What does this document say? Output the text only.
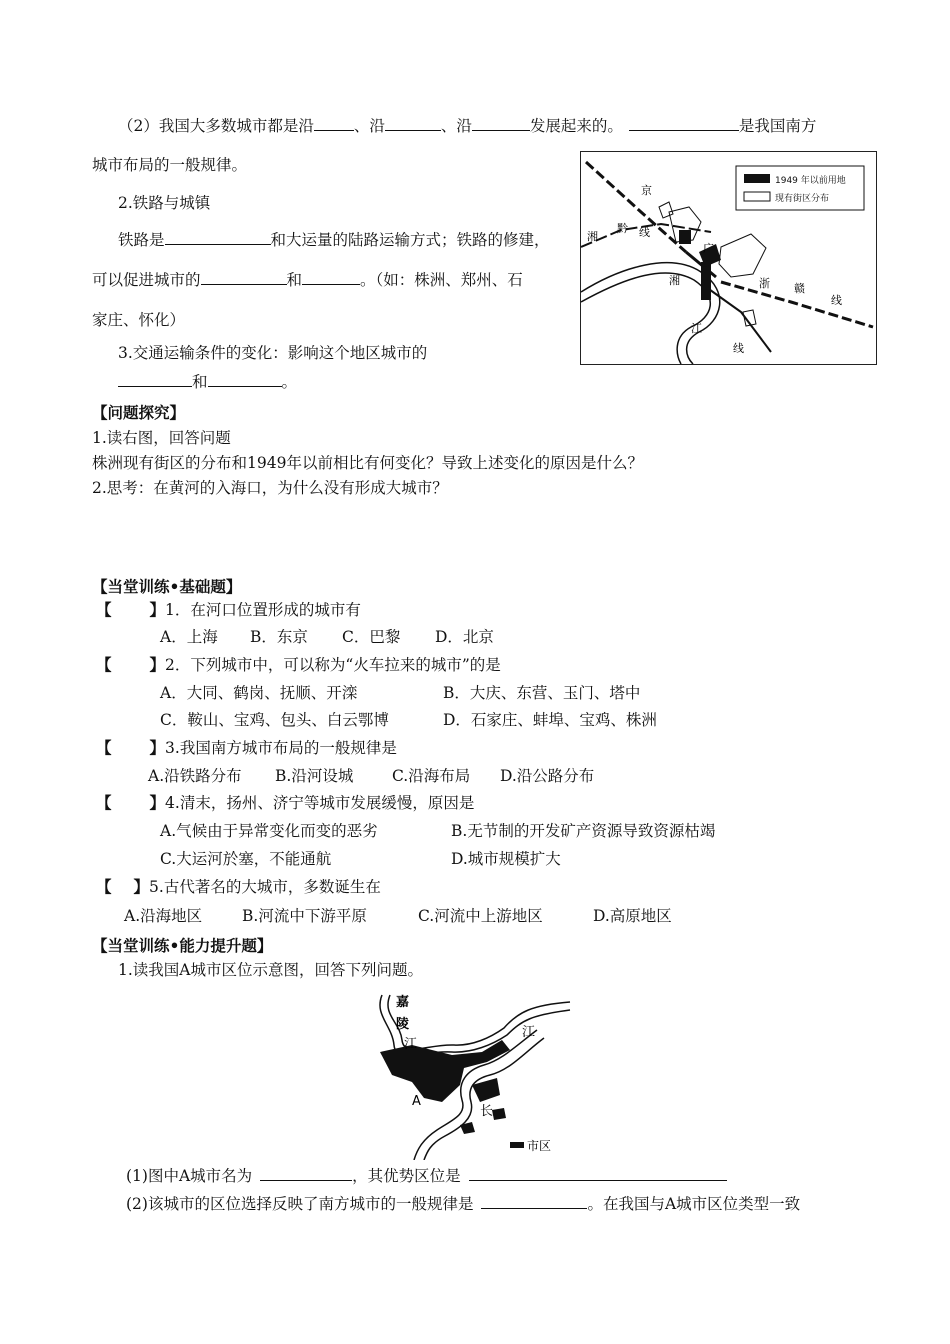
（2）我国大多数城市都是沿	、沿	、沿	发展起来的。	是我国南方
城市布局的一般规律。
2.铁路与城镇
铁路是	和大运量的陆路运输方式；铁路的修建，
可以促进城市的	和	。（如：株洲、郑州、石
家庄、怀化）
3.交通运输条件的变化：影响这个地区城市的
和	。
1949 年以前用地
现有街区分布
京
湘
黔 线
广
湘	浙 赣
线
江
线
【问题探究】
1.读右图，回答问题
株洲现有街区的分布和1949年以前相比有何变化？导致上述变化的原因是什么？
2.思考：在黄河的入海口，为什么没有形成大城市？
【当堂训练•基础题】
【 】1．在河口位置形成的城市有
A．上海 B．东京 C．巴黎 D．北京
【 】2．下列城市中，可以称为“火车拉来的城市”的是
A．大同、鹤岗、抚顺、开滦	B．大庆、东营、玉门、塔中
C．鞍山、宝鸡、包头、白云鄂博	D．石家庄、蚌埠、宝鸡、株洲
【 】3.我国南方城市布局的一般规律是
A.沿铁路分布 B.沿河设城 C.沿海布局 D.沿公路分布
【 】4.清末，扬州、济宁等城市发展缓慢，原因是
A.气候由于异常变化而变的恶劣	B.无节制的开发矿产资源导致资源枯竭
C.大运河於塞，不能通航	D.城市规模扩大
【 】5.古代著名的大城市，多数诞生在
A.沿海地区	B.河流中下游平原	C.河流中上游地区	D.高原地区
【当堂训练•能力提升题】
1.读我国A城市区位示意图，回答下列问题。
市区
嘉
陵
江
江
A
长
(1)图中A城市名为	，其优势区位是
(2)该城市的区位选择反映了南方城市的一般规律是	。在我国与A城市区位类型一致
